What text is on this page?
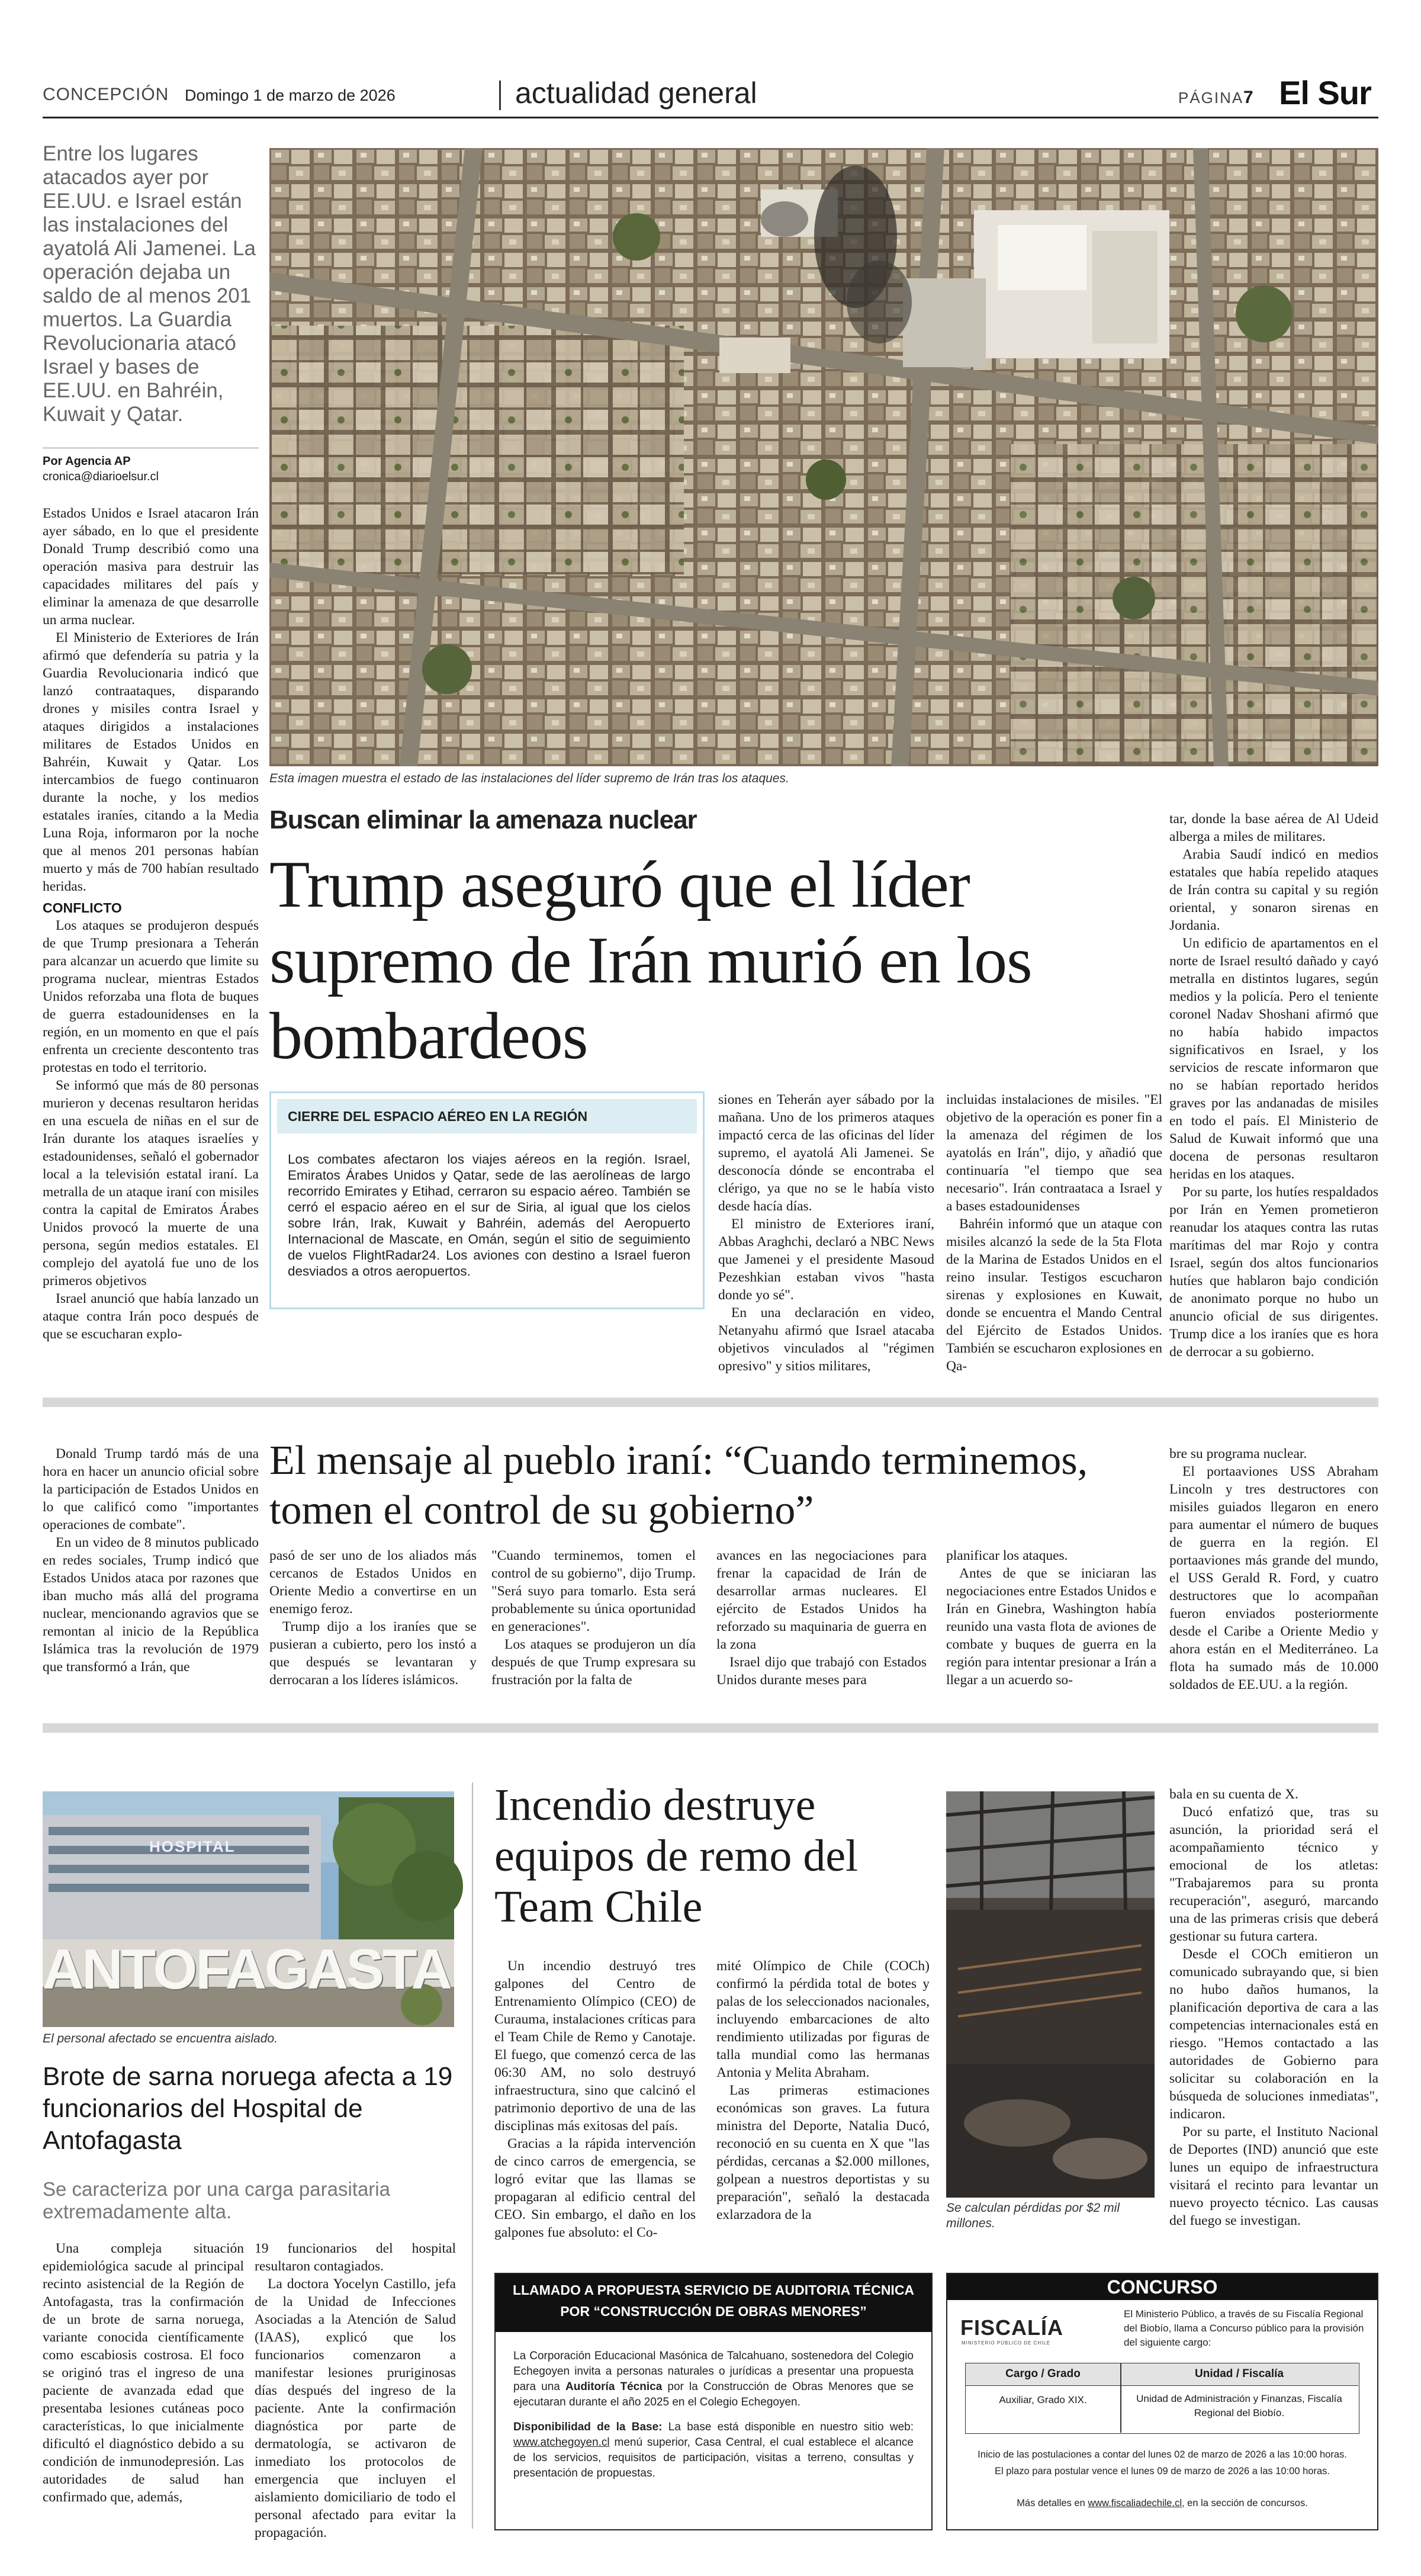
CONCEPCIÓN Domingo 1 de marzo de 2026	actualidad general	PÁGINA 7 El Sur
Entre los lugares atacados ayer por EE.UU. e Israel están las instalaciones del ayatolá Ali Jamenei. La operación dejaba un saldo de al menos 201 muertos. La Guardia Revolucionaria atacó Israel y bases de EE.UU. en Bahréin, Kuwait y Qatar.
Por Agencia AP
cronica@diarioelsur.cl
Esta imagen muestra el estado de las instalaciones del líder supremo de Irán tras los ataques.
Buscan eliminar la amenaza nuclear
Trump aseguró que el líder supremo de Irán murió en los bombardeos

Estados Unidos e Israel atacaron Irán ayer sábado, en lo que el presidente Donald Trump describió como una operación masiva para destruir las capacidades militares del país y eliminar la amenaza de que desarrolle un arma nuclear.

El Ministerio de Exteriores de Irán afirmó que defendería su patria y la Guardia Revolucionaria indicó que lanzó contraataques, disparando drones y misiles contra Israel y ataques dirigidos a instalaciones militares de Estados Unidos en Bahréin, Kuwait y Qatar. Los intercambios de fuego continuaron durante la noche, y los medios estatales iraníes, citando a la Media Luna Roja, informaron por la noche que al menos 201 personas habían muerto y más de 700 habían resultado heridas.

CONFLICTO

Los ataques se produjeron después de que Trump presionara a Teherán para alcanzar un acuerdo que limite su programa nuclear, mientras Estados Unidos reforzaba una flota de buques de guerra estadounidenses en la región, en un momento en que el país enfrenta un creciente descontento tras protestas en todo el territorio.

Se informó que más de 80 personas murieron y decenas resultaron heridas en una escuela de niñas en el sur de Irán durante los ataques israelíes y estadounidenses, señaló el gobernador local a la televisión estatal iraní. La metralla de un ataque iraní con misiles contra la capital de Emiratos Árabes Unidos provocó la muerte de una persona, según medios estatales. El complejo del ayatolá fue uno de los primeros objetivos

Israel anunció que había lanzado un ataque contra Irán poco después de que se escucharan explo-

CIERRE DEL ESPACIO AÉREO EN LA REGIÓN
Los combates afectaron los viajes aéreos en la región. Israel, Emiratos Árabes Unidos y Qatar, sede de las aerolíneas de largo recorrido Emirates y Etihad, cerraron su espacio aéreo. También se cerró el espacio aéreo en el sur de Siria, al igual que los cielos sobre Irán, Irak, Kuwait y Bahréin, además del Aeropuerto Internacional de Mascate, en Omán, según el sitio de seguimiento de vuelos FlightRadar24. Los aviones con destino a Israel fueron desviados a otros aeropuertos.

siones en Teherán ayer sábado por la mañana. Uno de los primeros ataques impactó cerca de las oficinas del líder supremo, el ayatolá Ali Jamenei. Se desconocía dónde se encontraba el clérigo, ya que no se le había visto desde hacía días.

El ministro de Exteriores iraní, Abbas Araghchi, declaró a NBC News que Jamenei y el presidente Masoud Pezeshkian estaban vivos "hasta donde yo sé".

En una declaración en video, Netanyahu afirmó que Israel atacaba objetivos vinculados al "régimen opresivo" y sitios militares,

incluidas instalaciones de misiles. "El objetivo de la operación es poner fin a la amenaza del régimen de los ayatolás en Irán", dijo, y añadió que continuaría "el tiempo que sea necesario". Irán contraataca a Israel y a bases estadounidenses

Bahréin informó que un ataque con misiles alcanzó la sede de la 5ta Flota de la Marina de Estados Unidos en el reino insular. Testigos escucharon sirenas y explosiones en Kuwait, donde se encuentra el Mando Central del Ejército de Estados Unidos. También se escucharon explosiones en Qa-

tar, donde la base aérea de Al Udeid alberga a miles de militares.

Arabia Saudí indicó en medios estatales que había repelido ataques de Irán contra su capital y su región oriental, y sonaron sirenas en Jordania.

Un edificio de apartamentos en el norte de Israel resultó dañado y cayó metralla en distintos lugares, según medios y la policía. Pero el teniente coronel Nadav Shoshani afirmó que no había habido impactos significativos en Israel, y los servicios de rescate informaron que no se habían reportado heridos graves por las andanadas de misiles en todo el país. El Ministerio de Salud de Kuwait informó que una docena de personas resultaron heridas en los ataques.

Por su parte, los hutíes respaldados por Irán en Yemen prometieron reanudar los ataques contra las rutas marítimas del mar Rojo y contra Israel, según dos altos funcionarios hutíes que hablaron bajo condición de anonimato porque no hubo un anuncio oficial de sus dirigentes. Trump dice a los iraníes que es hora de derrocar a su gobierno.

Donald Trump tardó más de una hora en hacer un anuncio oficial sobre la participación de Estados Unidos en lo que calificó como "importantes operaciones de combate".

En un video de 8 minutos publicado en redes sociales, Trump indicó que Estados Unidos ataca por razones que iban mucho más allá del programa nuclear, mencionando agravios que se remontan al inicio de la República Islámica tras la revolución de 1979 que transformó a Irán, que

El mensaje al pueblo iraní: “Cuando terminemos, tomen el control de su gobierno”

pasó de ser uno de los aliados más cercanos de Estados Unidos en Oriente Medio a convertirse en un enemigo feroz.

Trump dijo a los iraníes que se pusieran a cubierto, pero los instó a que después se levantaran y derrocaran a los líderes islámicos.

"Cuando terminemos, tomen el control de su gobierno", dijo Trump. "Será suyo para tomarlo. Esta será probablemente su única oportunidad en generaciones".

Los ataques se produjeron un día después de que Trump expresara su frustración por la falta de

avances en las negociaciones para frenar la capacidad de Irán de desarrollar armas nucleares. El ejército de Estados Unidos ha reforzado su maquinaria de guerra en la zona

Israel dijo que trabajó con Estados Unidos durante meses para

planificar los ataques.

Antes de que se iniciaran las negociaciones entre Estados Unidos e Irán en Ginebra, Washington había reunido una vasta flota de aviones de combate y buques de guerra en la región para intentar presionar a Irán a llegar a un acuerdo so-

bre su programa nuclear.

El portaaviones USS Abraham Lincoln y tres destructores con misiles guiados llegaron en enero para aumentar el número de buques de guerra en la región. El portaaviones más grande del mundo, el USS Gerald R. Ford, y cuatro destructores que lo acompañan fueron enviados posteriormente desde el Caribe a Oriente Medio y ahora están en el Mediterráneo. La flota ha sumado más de 10.000 soldados de EE.UU. a la región.

HOSPITAL
ANTOFAGASTA
El personal afectado se encuentra aislado.
Brote de sarna noruega afecta a 19 funcionarios del Hospital de Antofagasta
Se caracteriza por una carga parasitaria extremadamente alta.

Una compleja situación epidemiológica sacude al principal recinto asistencial de la Región de Antofagasta, tras la confirmación de un brote de sarna noruega, variante conocida científicamente como escabiosis costrosa. El foco se originó tras el ingreso de una paciente de avanzada edad que presentaba lesiones cutáneas poco características, lo que inicialmente dificultó el diagnóstico debido a su condición de inmunodepresión. Las autoridades de salud han confirmado que, además,

19 funcionarios del hospital resultaron contagiados.

La doctora Yocelyn Castillo, jefa de la Unidad de Infecciones Asociadas a la Atención de Salud (IAAS), explicó que los funcionarios comenzaron a manifestar lesiones pruriginosas días después del ingreso de la paciente. Ante la confirmación diagnóstica por parte de dermatología, se activaron de inmediato los protocolos de emergencia que incluyen el aislamiento domiciliario de todo el personal afectado para evitar la propagación.

Incendio destruye equipos de remo del Team Chile

Un incendio destruyó tres galpones del Centro de Entrenamiento Olímpico (CEO) de Curauma, instalaciones críticas para el Team Chile de Remo y Canotaje. El fuego, que comenzó cerca de las 06:30 AM, no solo destruyó infraestructura, sino que calcinó el patrimonio deportivo de una de las disciplinas más exitosas del país.

Gracias a la rápida intervención de cinco carros de emergencia, se logró evitar que las llamas se propagaran al edificio central del CEO. Sin embargo, el daño en los galpones fue absoluto: el Co-

mité Olímpico de Chile (COCh) confirmó la pérdida total de botes y palas de los seleccionados nacionales, incluyendo embarcaciones de alto rendimiento utilizadas por figuras de talla mundial como las hermanas Antonia y Melita Abraham.

Las primeras estimaciones económicas son graves. La futura ministra del Deporte, Natalia Ducó, reconoció en su cuenta en X que "las pérdidas, cercanas a $2.000 millones, golpean a nuestros deportistas y su preparación", señaló la destacada exlarzadora de la	Se calculan pérdidas por $2 mil millones.

bala en su cuenta de X.

Ducó enfatizó que, tras su asunción, la prioridad será el acompañamiento técnico y emocional de los atletas: "Trabajaremos para su pronta recuperación", aseguró, marcando una de las primeras crisis que deberá gestionar su futura cartera.

Desde el COCh emitieron un comunicado subrayando que, si bien no hubo daños humanos, la planificación deportiva de cara a las competencias internacionales está en riesgo. "Hemos contactado a las autoridades de Gobierno para solicitar su colaboración en la búsqueda de soluciones inmediatas", indicaron.

Por su parte, el Instituto Nacional de Deportes (IND) anunció que este lunes un equipo de infraestructura visitará el recinto para levantar un nuevo proyecto técnico. Las causas del fuego se investigan.

LLAMADO A PROPUESTA SERVICIO DE AUDITORIA TÉCNICA
POR “CONSTRUCCIÓN DE OBRAS MENORES”
La Corporación Educacional Masónica de Talcahuano, sostenedora del Colegio Echegoyen invita a personas naturales o jurídicas a presentar una propuesta para una Auditoría Técnica por la Construcción de Obras Menores que se ejecutaran durante el año 2025 en el Colegio Echegoyen.
Disponibilidad de la Base: La base está disponible en nuestro sitio web: www.atchegoyen.cl menú superior, Casa Central, el cual establece el alcance de los servicios, requisitos de participación, visitas a terreno, consultas y presentación de propuestas.
CONCURSO
FISCALÍA
MINISTERIO PÚBLICO DE CHILE
El Ministerio Público, a través de su Fiscalía Regional del Biobío, llama a Concurso público para la provisión del siguiente cargo:
Cargo / Grado	Unidad / Fiscalía
Auxiliar, Grado XIX.	Unidad de Administración y Finanzas, Fiscalía Regional del Biobío.
Inicio de las postulaciones a contar del lunes 02 de marzo de 2026 a las 10:00 horas.
El plazo para postular vence el lunes 09 de marzo de 2026 a las 10:00 horas.
Más detalles en www.fiscaliadechile.cl, en la sección de concursos.
